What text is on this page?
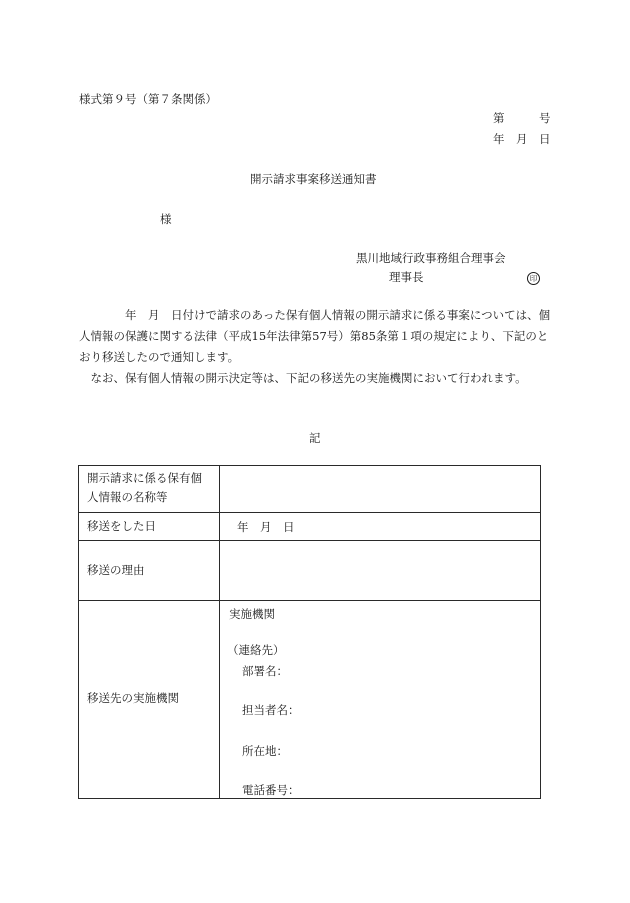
様式第９号（第７条関係）
第　　　号
年　月　日
開示請求事案移送通知書
様
黒川地域行政事務組合理事会
理事長	印
　　　　年　月　日付けで請求のあった保有個人情報の開示請求に係る事案については、個人情報の保護に関する法律（平成15年法律第57号）第85条第１項の規定により、下記のとおり移送したので通知します。
　なお、保有個人情報の開示決定等は、下記の移送先の実施機関において行われます。
記
開示請求に係る保有個
人情報の名称等
移送をした日	年　月　日
移送の理由
移送先の実施機関
実施機関
（連絡先）
部署名：
担当者名：
所在地：
電話番号：
